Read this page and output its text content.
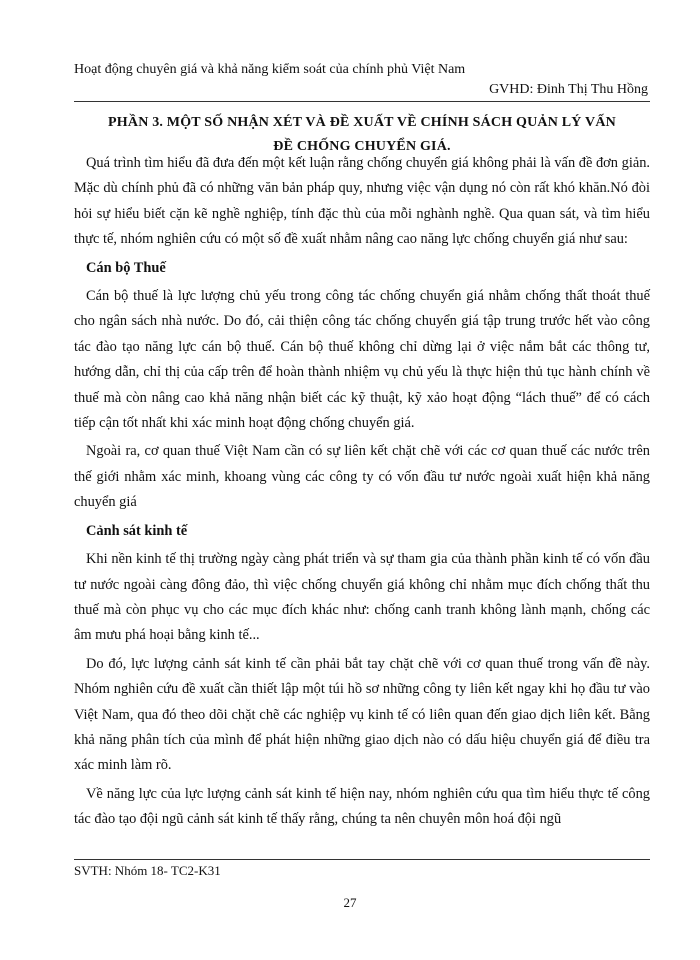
Hoạt động chuyên giá và khả năng kiểm soát của chính phủ Việt Nam
GVHD: Đinh Thị Thu Hồng
PHẦN 3. MỘT SỐ NHẬN XÉT VÀ ĐỀ XUẤT VỀ CHÍNH SÁCH QUẢN LÝ VẤN
ĐỀ CHỐNG CHUYỂN GIÁ.

Quá trình tìm hiểu đã đưa đến một kết luận rằng chống chuyển giá không phải là vấn đề đơn giản. Mặc dù chính phủ đã có những văn bản pháp quy, nhưng việc vận dụng nó còn rất khó khăn.Nó đòi hỏi sự hiểu biết cặn kẽ nghề nghiệp, tính đặc thù của mỗi nghành nghề. Qua quan sát, và tìm hiểu thực tế, nhóm nghiên cứu có một số đề xuất nhằm nâng cao năng lực chống chuyển giá như sau:

Cán bộ Thuế

Cán bộ thuế là lực lượng chủ yếu trong công tác chống chuyển giá nhằm chống thất thoát thuế cho ngân sách nhà nước. Do đó, cải thiện công tác chống chuyển giá tập trung trước hết vào công tác đào tạo năng lực cán bộ thuế. Cán bộ thuế không chỉ dừng lại ở việc nắm bắt các thông tư, hướng dẫn, chỉ thị của cấp trên để hoàn thành nhiệm vụ chủ yếu là thực hiện thủ tục hành chính về thuế mà còn nâng cao khả năng nhận biết các kỹ thuật, kỹ xảo hoạt động “lách thuế” để có cách tiếp cận tốt nhất khi xác minh hoạt động chống chuyển giá.

Ngoài ra, cơ quan thuế Việt Nam cần có sự liên kết chặt chẽ với các cơ quan thuế các nước trên thế giới nhằm xác minh, khoang vùng các công ty có vốn đầu tư nước ngoài xuất hiện khả năng chuyển giá

Cảnh sát kinh tế

Khi nền kinh tế thị trường ngày càng phát triển và sự tham gia của thành phần kinh tế có vốn đầu tư nước ngoài càng đông đảo, thì việc chống chuyển giá không chỉ nhằm mục đích chống thất thu thuế mà còn phục vụ cho các mục đích khác như: chống canh tranh không lành mạnh, chống các âm mưu phá hoại bằng kinh tế...

Do đó, lực lượng cảnh sát kinh tế cần phải bắt tay chặt chẽ với cơ quan thuế trong vấn đề này. Nhóm nghiên cứu đề xuất cần thiết lập một túi hồ sơ những công ty liên kết ngay khi họ đầu tư vào Việt Nam, qua đó theo dõi chặt chẽ các nghiệp vụ kinh tế có liên quan đến giao dịch liên kết. Bằng khả năng phân tích của mình để phát hiện những giao dịch nào có dấu hiệu chuyển giá để điều tra xác minh làm rõ.

Về năng lực của lực lượng cảnh sát kinh tế hiện nay, nhóm nghiên cứu qua tìm hiểu thực tế công tác đào tạo đội ngũ cảnh sát kinh tế thấy rằng, chúng ta nên chuyên môn hoá đội ngũ

SVTH: Nhóm 18- TC2-K31
27
